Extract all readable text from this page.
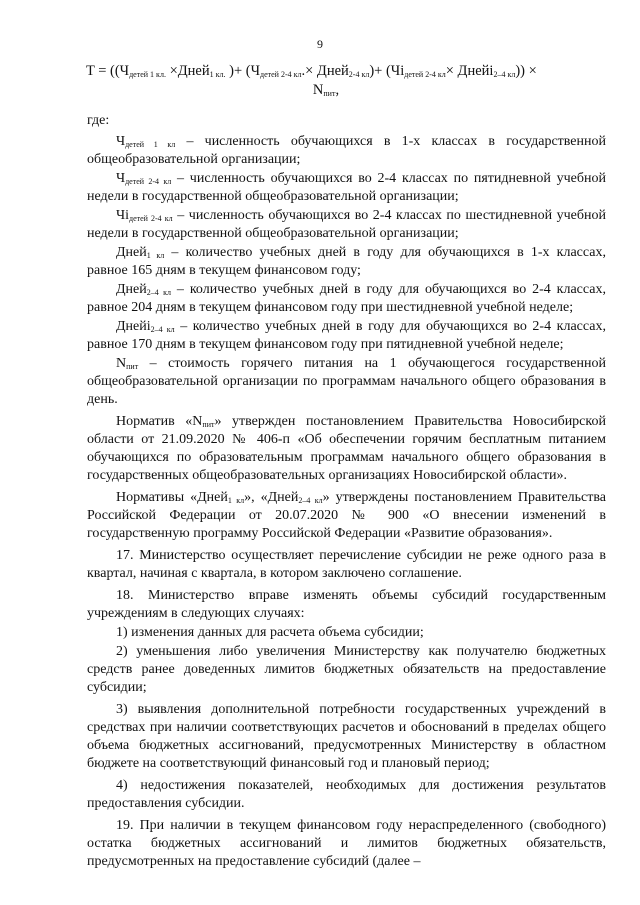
9
$T = ((Ч_{детей 1 кл.}$ ×Дней$_{1 кл.}$ )+ ($Ч_{детей 2-4 кл}.\times$ Дней$_{2-4 кл}$)+ ($Чi_{детей 2-4 кл}\times$ Днейi$_{2-4 кл}$)) ×
$N_{пит}$,

где:

$Ч_{детей 1 кл}$ – численность обучающихся в 1-х классах в государственной общеобразовательной организации;

$Ч_{детей 2-4 кл}$ – численность обучающихся во 2-4 классах по пятидневной учебной недели в государственной общеобразовательной организации;

$Чi_{детей 2-4 кл}$ – численность обучающихся во 2-4 классах по шестидневной учебной недели в государственной общеобразовательной организации;

Дней$_{1 кл}$ – количество учебных дней в году для обучающихся в 1-х классах, равное 165 дням в текущем финансовом году;

Дней$_{2-4 кл}$ – количество учебных дней в году для обучающихся во 2-4 классах, равное 204 дням в текущем финансовом году при шестидневной учебной неделе;

Днейi$_{2-4 кл}$ – количество учебных дней в году для обучающихся во 2-4 классах, равное 170 дням в текущем финансовом году при пятидневной учебной неделе;

$N_{пит}$ – стоимость горячего питания на 1 обучающегося государственной общеобразовательной организации по программам начального общего образования в день.

Норматив «$N_{пит}$» утвержден постановлением Правительства Новосибирской области от 21.09.2020 № 406-п «Об обеспечении горячим бесплатным питанием обучающихся по образовательным программам начального общего образования в государственных общеобразовательных организациях Новосибирской области».

Нормативы «Дней$_{1 кл}$», «Дней$_{2-4 кл}$» утверждены постановлением Правительства Российской Федерации от 20.07.2020 № 900 «О внесении изменений в государственную программу Российской Федерации «Развитие образования».

17. Министерство осуществляет перечисление субсидии не реже одного раза в квартал, начиная с квартала, в котором заключено соглашение.

18. Министерство вправе изменять объемы субсидий государственным учреждениям в следующих случаях:

1) изменения данных для расчета объема субсидии;

2) уменьшения либо увеличения Министерству как получателю бюджетных средств ранее доведенных лимитов бюджетных обязательств на предоставление субсидии;

3) выявления дополнительной потребности государственных учреждений в средствах при наличии соответствующих расчетов и обоснований в пределах общего объема бюджетных ассигнований, предусмотренных Министерству в областном бюджете на соответствующий финансовый год и плановый период;

4) недостижения показателей, необходимых для достижения результатов предоставления субсидии.

19. При наличии в текущем финансовом году нераспределенного (свободного) остатка бюджетных ассигнований и лимитов бюджетных обязательств, предусмотренных на предоставление субсидий (далее –
